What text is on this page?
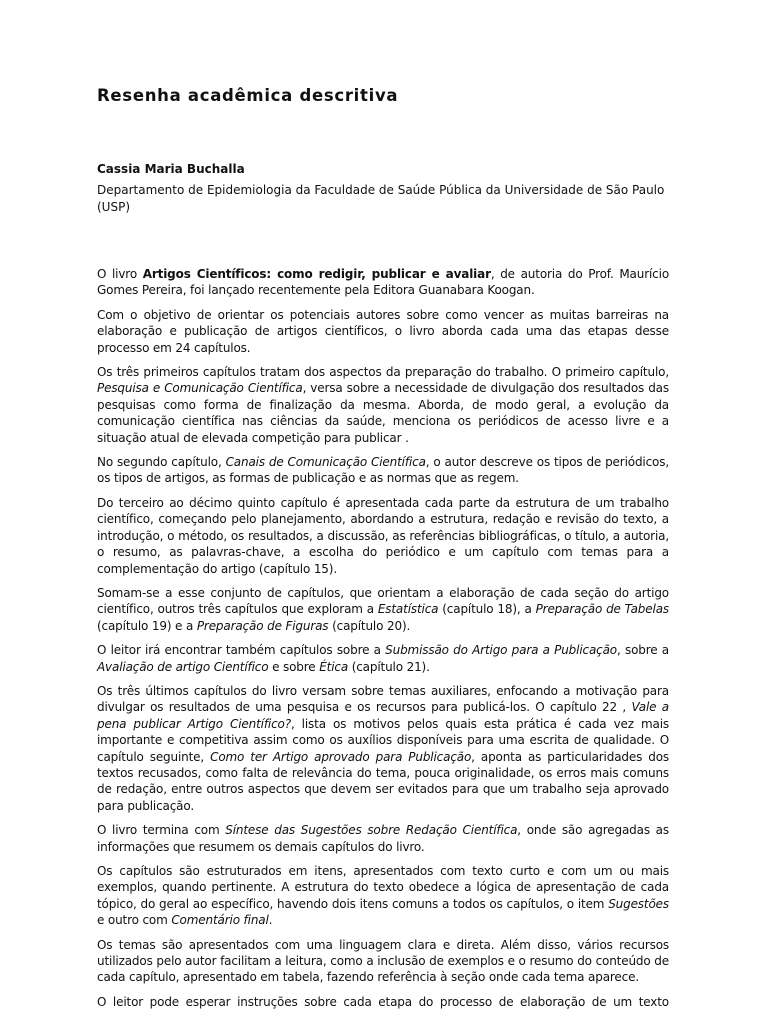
Resenha acadêmica descritiva
Cassia Maria Buchalla
Departamento de Epidemiologia da Faculdade de Saúde Pública da Universidade de São Paulo (USP)

O livro Artigos Científicos: como redigir, publicar e avaliar, de autoria do Prof. Maurício Gomes Pereira, foi lançado recentemente pela Editora Guanabara Koogan.

Com o objetivo de orientar os potenciais autores sobre como vencer as muitas barreiras na elaboração e publicação de artigos científicos, o livro aborda cada uma das etapas desse processo em 24 capítulos.

Os três primeiros capítulos tratam dos aspectos da preparação do trabalho. O primeiro capítulo, Pesquisa e Comunicação Científica, versa sobre a necessidade de divulgação dos resultados das pesquisas como forma de finalização da mesma. Aborda, de modo geral, a evolução da comunicação científica nas ciências da saúde, menciona os periódicos de acesso livre e a situação atual de elevada competição para publicar .

No segundo capítulo, Canais de Comunicação Científica, o autor descreve os tipos de periódicos, os tipos de artigos, as formas de publicação e as normas que as regem.

Do terceiro ao décimo quinto capítulo é apresentada cada parte da estrutura de um trabalho científico, começando pelo planejamento, abordando a estrutura, redação e revisão do texto, a introdução, o método, os resultados, a discussão, as referências bibliográficas, o título, a autoria, o resumo, as palavras-chave, a escolha do periódico e um capítulo com temas para a complementação do artigo (capítulo 15).

Somam-se a esse conjunto de capítulos, que orientam a elaboração de cada seção do artigo científico, outros três capítulos que exploram a Estatística (capítulo 18), a Preparação de Tabelas (capítulo 19) e a Preparação de Figuras (capítulo 20).

O leitor irá encontrar também capítulos sobre a Submissão do Artigo para a Publicação, sobre a Avaliação de artigo Científico e sobre Ética (capítulo 21).

Os três últimos capítulos do livro versam sobre temas auxiliares, enfocando a motivação para divulgar os resultados de uma pesquisa e os recursos para publicá-los. O capítulo 22 , Vale a pena publicar Artigo Científico?, lista os motivos pelos quais esta prática é cada vez mais importante e competitiva assim como os auxílios disponíveis para uma escrita de qualidade. O capítulo seguinte, Como ter Artigo aprovado para Publicação, aponta as particularidades dos textos recusados, como falta de relevância do tema, pouca originalidade, os erros mais comuns de redação, entre outros aspectos que devem ser evitados para que um trabalho seja aprovado para publicação.

O livro termina com Síntese das Sugestões sobre Redação Científica, onde são agregadas as informações que resumem os demais capítulos do livro.

Os capítulos são estruturados em itens, apresentados com texto curto e com um ou mais exemplos, quando pertinente. A estrutura do texto obedece a lógica de apresentação de cada tópico, do geral ao específico, havendo dois itens comuns a todos os capítulos, o item Sugestões e outro com Comentário final.

Os temas são apresentados com uma linguagem clara e direta. Além disso, vários recursos utilizados pelo autor facilitam a leitura, como a inclusão de exemplos e o resumo do conteúdo de cada capítulo, apresentado em tabela, fazendo referência à seção onde cada tema aparece.

O leitor pode esperar instruções sobre cada etapa do processo de elaboração de um texto
